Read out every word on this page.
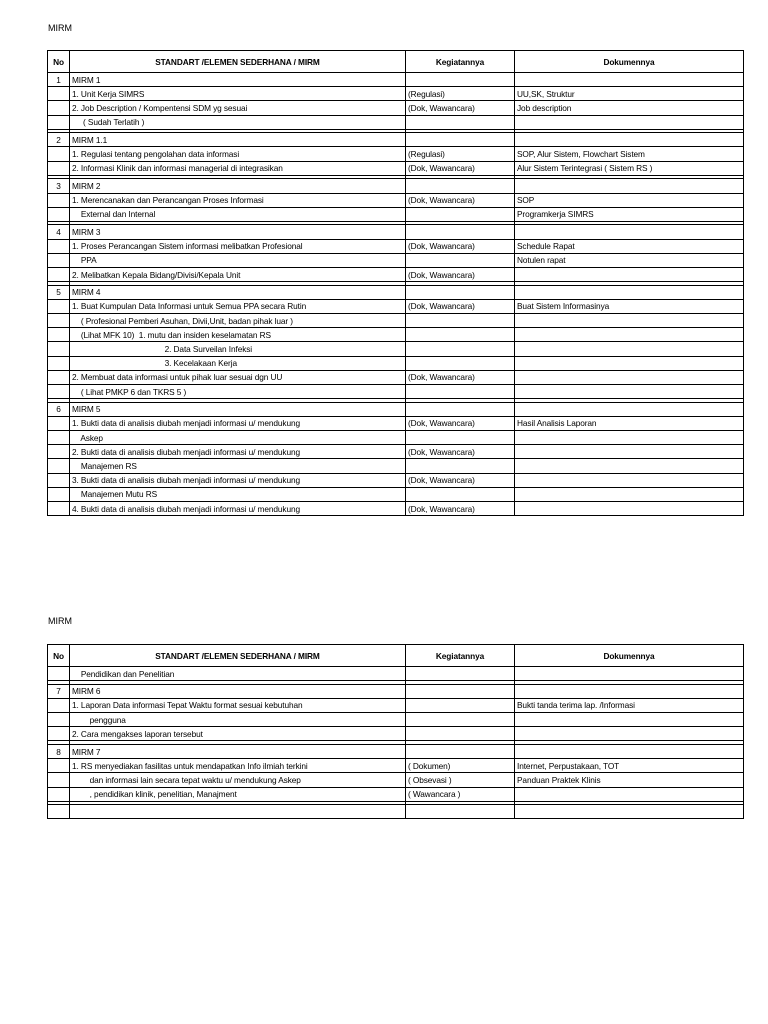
MIRM
No	STANDART /ELEMEN SEDERHANA / MIRM	Kegiatannya	Dokumennya
1	MIRM 1		
	1. Unit Kerja SIMRS	(Regulasi)	UU,SK, Struktur
	2. Job Description / Kompentensi SDM yg sesuai	(Dok, Wawancara)	Job description
	( Sudah Terlatih )		

2	MIRM 1.1		
	1. Regulasi tentang pengolahan data informasi	(Regulasi)	SOP, Alur Sistem, Flowchart Sistem
	2. Informasi Klinik dan informasi managerial di integrasikan	(Dok, Wawancara)	Alur Sistem Terintegrasi ( Sistem RS )

3	MIRM 2		
	1. Merencanakan dan Perancangan Proses Informasi	(Dok, Wawancara)	SOP
	External dan Internal		Programkerja SIMRS

4	MIRM 3		
	1. Proses Perancangan Sistem informasi melibatkan Profesional	(Dok, Wawancara)	Schedule Rapat
	PPA		Notulen rapat
	2. Melibatkan Kepala Bidang/Divisi/Kepala Unit	(Dok, Wawancara)	

5	MIRM 4		
	1. Buat Kumpulan Data Informasi untuk Semua PPA secara Rutin	(Dok, Wawancara)	Buat Sistem Informasinya
	( Profesional Pemberi Asuhan, Divii,Unit, badan pihak luar )		
	(Lihat MFK 10)  1. mutu dan insiden keselamatan RS		
	2. Data Surveilan Infeksi		
	3. Kecelakaan Kerja		
	2. Membuat data informasi untuk pihak luar sesuai dgn UU	(Dok, Wawancara)	
	( Lihat PMKP 6 dan TKRS 5 )		

6	MIRM 5		
	1. Bukti data di analisis diubah menjadi informasi u/ mendukung	(Dok, Wawancara)	Hasil Analisis Laporan
	Askep		
	2. Bukti data di analisis diubah menjadi informasi u/ mendukung	(Dok, Wawancara)	
	Manajemen RS		
	3. Bukti data di analisis diubah menjadi informasi u/ mendukung	(Dok, Wawancara)	
	Manajemen Mutu RS		
	4. Bukti data di analisis diubah menjadi informasi u/ mendukung	(Dok, Wawancara)	
MIRM
No	STANDART /ELEMEN SEDERHANA / MIRM	Kegiatannya	Dokumennya
	Pendidikan dan Penelitian		

7	MIRM 6		
	1. Laporan Data informasi Tepat Waktu format sesuai kebutuhan		Bukti tanda terima lap. /Informasi
	pengguna		
	2. Cara mengakses laporan tersebut		

8	MIRM 7		
	1. RS menyediakan fasilitas untuk mendapatkan Info ilmiah terkini	( Dokumen)	Internet, Perpustakaan, TOT
	dan informasi lain secara tepat waktu u/ mendukung Askep	( Obsevasi )	Panduan Praktek Klinis
	, pendidikan klinik, penelitian, Manajment	( Wawancara )	
